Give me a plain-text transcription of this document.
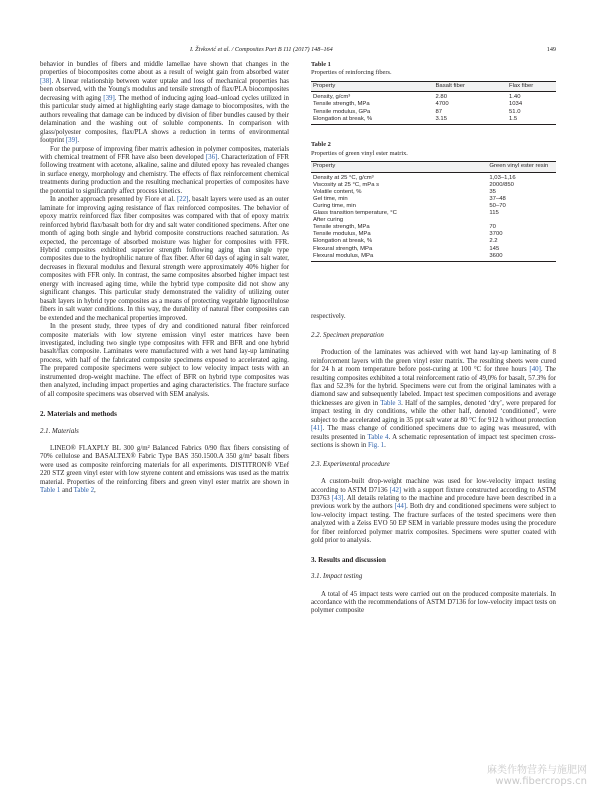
I. Živković et al. / Composites Part B 111 (2017) 148–164	149

behavior in bundles of fibers and middle lamellae have shown that changes in the properties of biocomposites come about as a result of weight gain from absorbed water [38]. A linear relationship between water uptake and loss of mechanical properties has been observed, with the Young's modulus and tensile strength of flax/PLA biocomposites decreasing with aging [39]. The method of inducing aging load–unload cycles utilized in this particular study aimed at highlighting early stage damage to biocomposites, with the authors revealing that damage can be induced by division of fiber bundles caused by their delamination and the washing out of soluble components. In comparison with glass/polyester composites, flax/PLA shows a reduction in terms of environmental footprint [39].

For the purpose of improving fiber matrix adhesion in polymer composites, materials with chemical treatment of FFR have also been developed [36]. Characterization of FFR following treatment with acetone, alkaline, saline and diluted epoxy has revealed changes in surface energy, morphology and chemistry. The effects of flax reinforcement chemical treatments during production and the resulting mechanical properties of composites have the potential to significantly affect process kinetics.

In another approach presented by Fiore et al. [22], basalt layers were used as an outer laminate for improving aging resistance of flax reinforced composites. The behavior of epoxy matrix reinforced flax fiber composites was compared with that of epoxy matrix reinforced hybrid flax/basalt both for dry and salt water conditioned specimens. After one month of aging both single and hybrid composite constructions reached saturation. As expected, the percentage of absorbed moisture was higher for composites with FFR. Hybrid composites exhibited superior strength following aging than single type composites due to the hydrophilic nature of flax fiber. After 60 days of aging in salt water, decreases in flexural modulus and flexural strength were approximately 40% higher for composites with FFR only. In contrast, the same composites absorbed higher impact test energy with increased aging time, while the hybrid type composite did not show any significant changes. This particular study demonstrated the validity of utilizing outer basalt layers in hybrid type composites as a means of protecting vegetable lignocellulose fibers in salt water conditions. In this way, the durability of natural fiber composites can be extended and the mechanical properties improved.

In the present study, three types of dry and conditioned natural fiber reinforced composite materials with low styrene emission vinyl ester matrices have been investigated, including two single type composites with FFR and BFR and one hybrid basalt/flax composite. Laminates were manufactured with a wet hand lay-up laminating process, with half of the fabricated composite specimens exposed to accelerated aging. The prepared composite specimens were subject to low velocity impact tests with an instrumented drop-weight machine. The effect of BFR on hybrid type composites was then analyzed, including impact properties and aging characteristics. The fracture surface of all composite specimens was observed with SEM analysis.

2. Materials and methods
2.1. Materials

LINEO® FLAXPLY BL 300 g/m² Balanced Fabrics 0/90 flax fibers consisting of 70% cellulose and BASALTEX® Fabric Type BAS 350.1500.A 350 g/m² basalt fibers were used as composite reinforcing materials for all experiments. DISTITRON® VEef 220 STZ green vinyl ester with low styrene content and emissions was used as the matrix material. Properties of the reinforcing fibers and green vinyl ester matrix are shown in Table 1 and Table 2,

Table 1
Properties of reinforcing fibers.
Property	Basalt fiber	Flax fiber
Density, g/cm³	2.80	1.40
Tensile strength, MPa	4700	1034
Tensile modulus, GPa	87	51.0
Elongation at break, %	3.15	1.5
Table 2
Properties of green vinyl ester matrix.
Property	Green vinyl ester resin
Density at 25 °C, g/cm³	1,03–1,16
Viscosity at 25 °C, mPa s	2000/850
Volatile content, %	35
Gel time, min	37–48
Curing time, min	50–70
Glass transition temperature, °C	115
After curing	
Tensile strength, MPa	70
Tensile modulus, MPa	3700
Elongation at break, %	2.2
Flexural strength, MPa	145
Flexural modulus, MPa	3600

respectively.

2.2. Specimen preparation

Production of the laminates was achieved with wet hand lay-up laminating of 8 reinforcement layers with the green vinyl ester matrix. The resulting sheets were cured for 24 h at room temperature before post-curing at 100 °C for three hours [40]. The resulting composites exhibited a total reinforcement ratio of 49,0% for basalt, 57.3% for flax and 52.3% for the hybrid. Specimens were cut from the original laminates with a diamond saw and subsequently labeled. Impact test specimen compositions and average thicknesses are given in Table 3. Half of the samples, denoted ‘dry’, were prepared for impact testing in dry conditions, while the other half, denoted ‘conditioned’, were subject to the accelerated aging in 35 ppt salt water at 80 °C for 912 h without protection [41]. The mass change of conditioned specimens due to aging was measured, with results presented in Table 4. A schematic representation of impact test specimen cross-sections is shown in Fig. 1.

2.3. Experimental procedure

A custom-built drop-weight machine was used for low-velocity impact testing according to ASTM D7136 [42] with a support fixture constructed according to ASTM D3763 [43]. All details relating to the machine and procedure have been described in a previous work by the authors [44]. Both dry and conditioned specimens were subject to low-velocity impact testing. The fracture surfaces of the tested specimens were then analyzed with a Zeiss EVO 50 EP SEM in variable pressure modes using the procedure for fiber reinforced polymer matrix composites. Specimens were sputter coated with gold prior to analysis.

3. Results and discussion
3.1. Impact testing

A total of 45 impact tests were carried out on the produced composite materials. In accordance with the recommendations of ASTM D7136 for low-velocity impact tests on polymer composite

麻类作物营养与施肥网
www.fibercrops.cn
